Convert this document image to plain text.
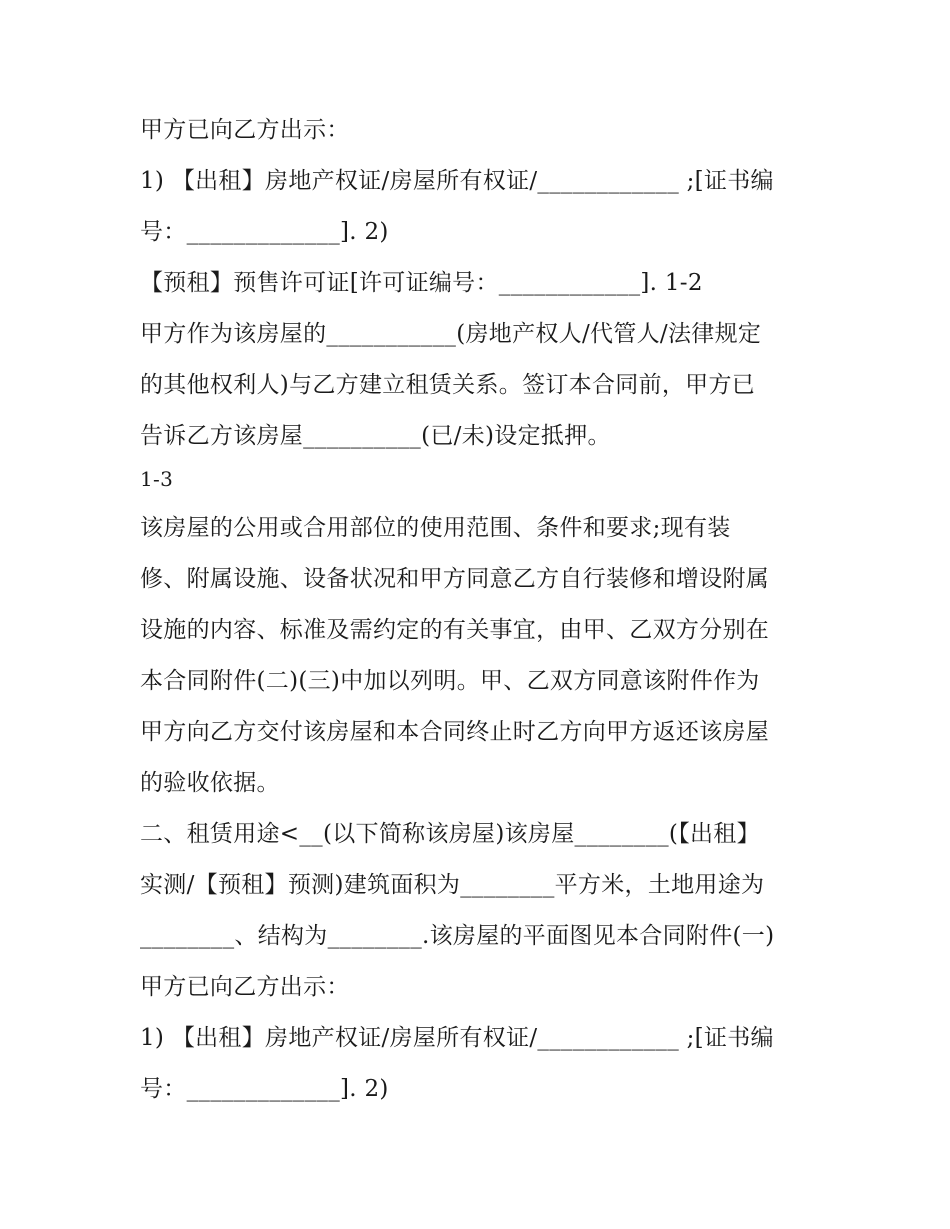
甲方已向乙方出示：
1) 【出租】房地产权证/房屋所有权证/____________ ;[证书编
号：_____________]. 2)
【预租】预售许可证[许可证编号：____________]. 1-2
甲方作为该房屋的___________(房地产权人/代管人/法律规定
的其他权利人)与乙方建立租赁关系。签订本合同前，甲方已
告诉乙方该房屋__________(已/未)设定抵押。
1-3
该房屋的公用或合用部位的使用范围、条件和要求;现有装
修、附属设施、设备状况和甲方同意乙方自行装修和增设附属
设施的内容、标准及需约定的有关事宜，由甲、乙双方分别在
本合同附件(二)(三)中加以列明。甲、乙双方同意该附件作为
甲方向乙方交付该房屋和本合同终止时乙方向甲方返还该房屋
的验收依据。
二、租赁用途<__(以下简称该房屋)该房屋________(【出租】
实测/【预租】预测)建筑面积为________平方米，土地用途为
________、结构为________.该房屋的平面图见本合同附件(一)
甲方已向乙方出示：
1) 【出租】房地产权证/房屋所有权证/____________ ;[证书编
号：_____________]. 2)
